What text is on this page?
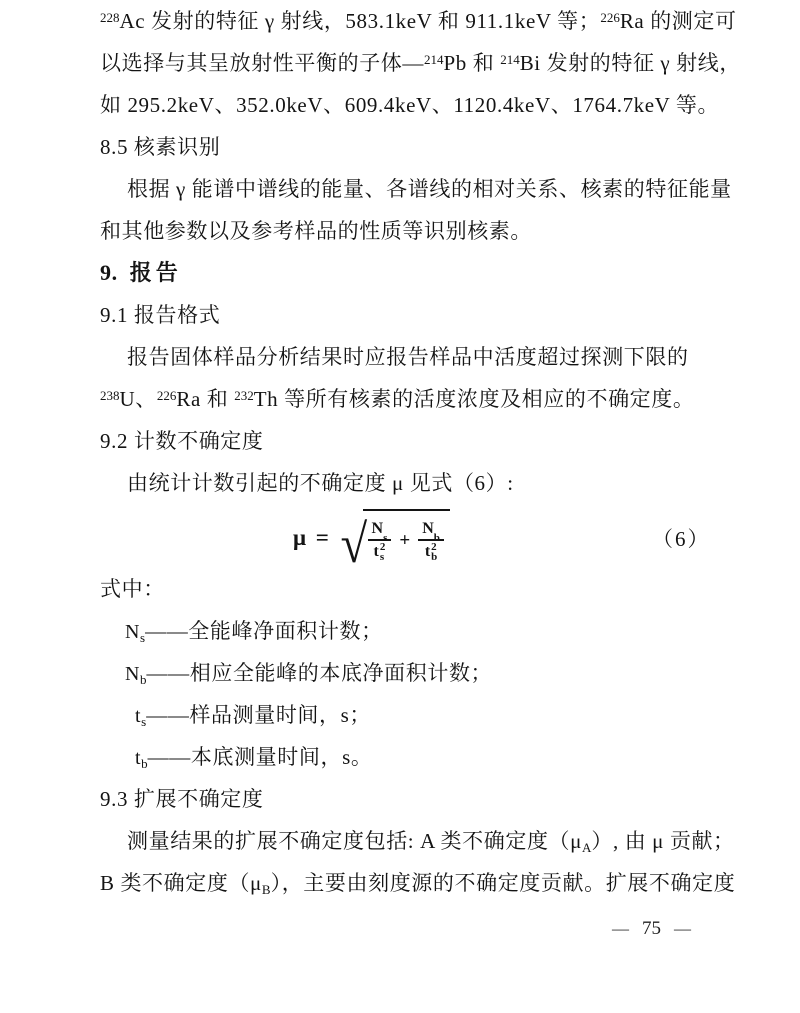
$^{228}$Ac 发射的特征 γ 射线，583.1keV 和 911.1keV 等；$^{226}$Ra 的测定可
以选择与其呈放射性平衡的子体—$^{214}$Pb 和 $^{214}$Bi 发射的特征 γ 射线，
如 295.2keV、352.0keV、609.4keV、1120.4keV、1764.7keV 等。
8.5 核素识别
根据 γ 能谱中谱线的能量、各谱线的相对关系、核素的特征能量
和其他参数以及参考样品的性质等识别核素。
9. 报告
9.1 报告格式
报告固体样品分析结果时应报告样品中活度超过探测下限的
$^{238}$U、$^{226}$Ra 和 $^{232}$Th 等所有核素的活度浓度及相应的不确定度。
9.2 计数不确定度
由统计计数引起的不确定度 μ 见式（6）:
μ = √ N
s
t 2
s + N
b
t 2
b	（6）
式中：
$N_s——$全能峰净面积计数；
$N_b——$相应全能峰的本底净面积计数；
$t_s——$样品测量时间，s；
$t_b——$本底测量时间，s。
9.3 扩展不确定度
测量结果的扩展不确定度包括: A 类不确定度$(\mu_A)$, 由 μ 贡献；
B 类不确定度$(\mu_B)$，主要由刻度源的不确定度贡献。扩展不确定度
— 75 —
